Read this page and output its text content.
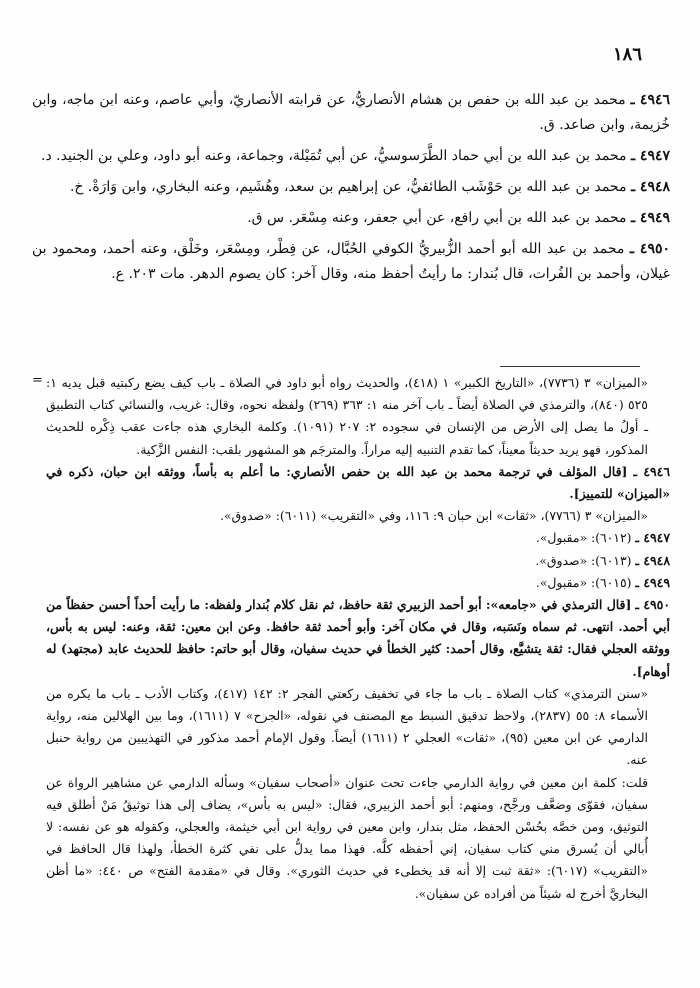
١٨٦

٤٩٤٦ ـ محمد بن عبد الله بن حفص بن هشام الأنصاريُّ، عن قرابته الأنصاريّ، وأبي عاصم، وعنه ابن ماجه، وابن خُزيمة، وابن صاعد. ق.

٤٩٤٧ ـ محمد بن عبد الله بن أبي حماد الطَّرَسوسيُّ، عن أبي تُمَيْلة، وجماعة، وعنه أبو داود، وعلي بن الجنيد. د.

٤٩٤٨ ـ محمد بن عبد الله بن حَوْشَب الطائفيُّ، عن إبراهيم بن سعد، وهُشَيم، وعنه البخاري، وابن وَارَةْ. خ.

٤٩٤٩ ـ محمد بن عبد الله بن أبي رافع، عن أبي جعفر، وعنه مِسْعَر. س ق.

٤٩٥٠ ـ محمد بن عبد الله أبو أحمد الزُّبيريُّ الكوفي الحُبَّال، عن فِطْر، ومِسْعَر، وخَلْق، وعنه أحمد، ومحمود بن غيلان، وأحمد بن الفُرات، قال بُندار: ما رأيتُ أحفظ منه، وقال آخر: كان يصوم الدهر. مات ٢٠٣. ع.

= «الميزان» ٣ (٧٧٣٦)، «التاريخ الكبير» ١ (٤١٨)، والحديث رواه أبو داود في الصلاة ـ باب كيف يضع ركبتيه قبل يديه ١: ٥٢٥ (٨٤٠)، والترمذي في الصلاة أيضاً ـ باب آخر منه ١: ٣٦٣ (٢٦٩) ولفظه نحوه، وقال: غريب، والنسائي كتاب التطبيق ـ أولُ ما يصل إلى الأرض من الإنسان في سجوده ٢: ٢٠٧ (١٠٩١). وكلمة البخاري هذه جاءت عقب ذِكْره للحديث المذكور، فهو يريد حديثاً معيناً، كما تقدم التنبيه إليه مراراً. والمترجَم هو المشهور بلقب: النفس الزَّكية.

٤٩٤٦ ـ [قال المؤلف في ترجمة محمد بن عبد الله بن حفص الأنصاري: ما أعلم به بأساً، ووثقه ابن حبان، ذكره في «الميزان» للتمييز].

«الميزان» ٣ (٧٧٦٦)، «ثقات» ابن حبان ٩: ١١٦، وفي «التقريب» (٦٠١١): «صدوق».

٤٩٤٧ ـ (٦٠١٢): «مقبول».

٤٩٤٨ ـ (٦٠١٣): «صدوق».

٤٩٤٩ ـ (٦٠١٥): «مقبول».

٤٩٥٠ ـ [قال الترمذي في «جامعه»: أبو أحمد الزبيري ثقة حافظ، ثم نقل كلام بُندار ولفظه: ما رأيت أحداً أحسن حفظاً من أبي أحمد. انتهى. ثم سماه ونَسَبه، وقال في مكان آخر: وأبو أحمد ثقة حافظ. وعن ابن معين: ثقة، وعنه: ليس به بأس، ووثقه العجلي فقال: ثقة يتشيَّع، وقال أحمد: كثير الخطأ في حديث سفيان، وقال أبو حاتم: حافظ للحديث عابد (مجتهد) له أوهام].

«سنن الترمذي» كتاب الصلاة ـ باب ما جاء في تخفيف ركعتي الفجر ٢: ١٤٢ (٤١٧)، وكتاب الأدب ـ باب ما يكره من الأسماء ٨: ٥٥ (٢٨٣٧)، ولاحظ تدقيق السبط مع المصنف في نقوله، «الجرح» ٧ (١٦١١)، وما بين الهلالين منه، رواية الدارمي عن ابن معين (٩٥)، «ثقات» العجلي ٢ (١٦١١) أيضاً. وقول الإمام أحمد مذكور في التهذيبين من رواية حنبل عنه.

قلت: كلمة ابن معين في رواية الدارمي جاءت تحت عنوان «أصحاب سفيان» وسأله الدارمي عن مشاهير الرواة عن سفيان، فقوّى وضعَّف ورجَّح، ومنهم: أبو أحمد الزبيري، فقال: «ليس به بأس»، يضاف إلى هذا توثيقُ مَنْ أطلق فيه التوثيق، ومن خصَّه بحُسْن الحفظ، مثل بندار، وابن معين في رواية ابن أبي خيثمة، والعجلي، وكقوله هو عن نفسه: لا أُبالي أن يُسرق مني كتاب سفيان، إني أحفظه كلَّه. فهذا مما يدلُّ على نفي كثرة الخطأ، ولهذا قال الحافظ في «التقريب» (٦٠١٧): «ثقة ثبت إلا أنه قد يخطىء في حديث الثوري». وقال في «مقدمة الفتح» ص ٤٤٠: «ما أظن البخاريَّ أخرج له شيئاً من أفراده عن سفيان».
